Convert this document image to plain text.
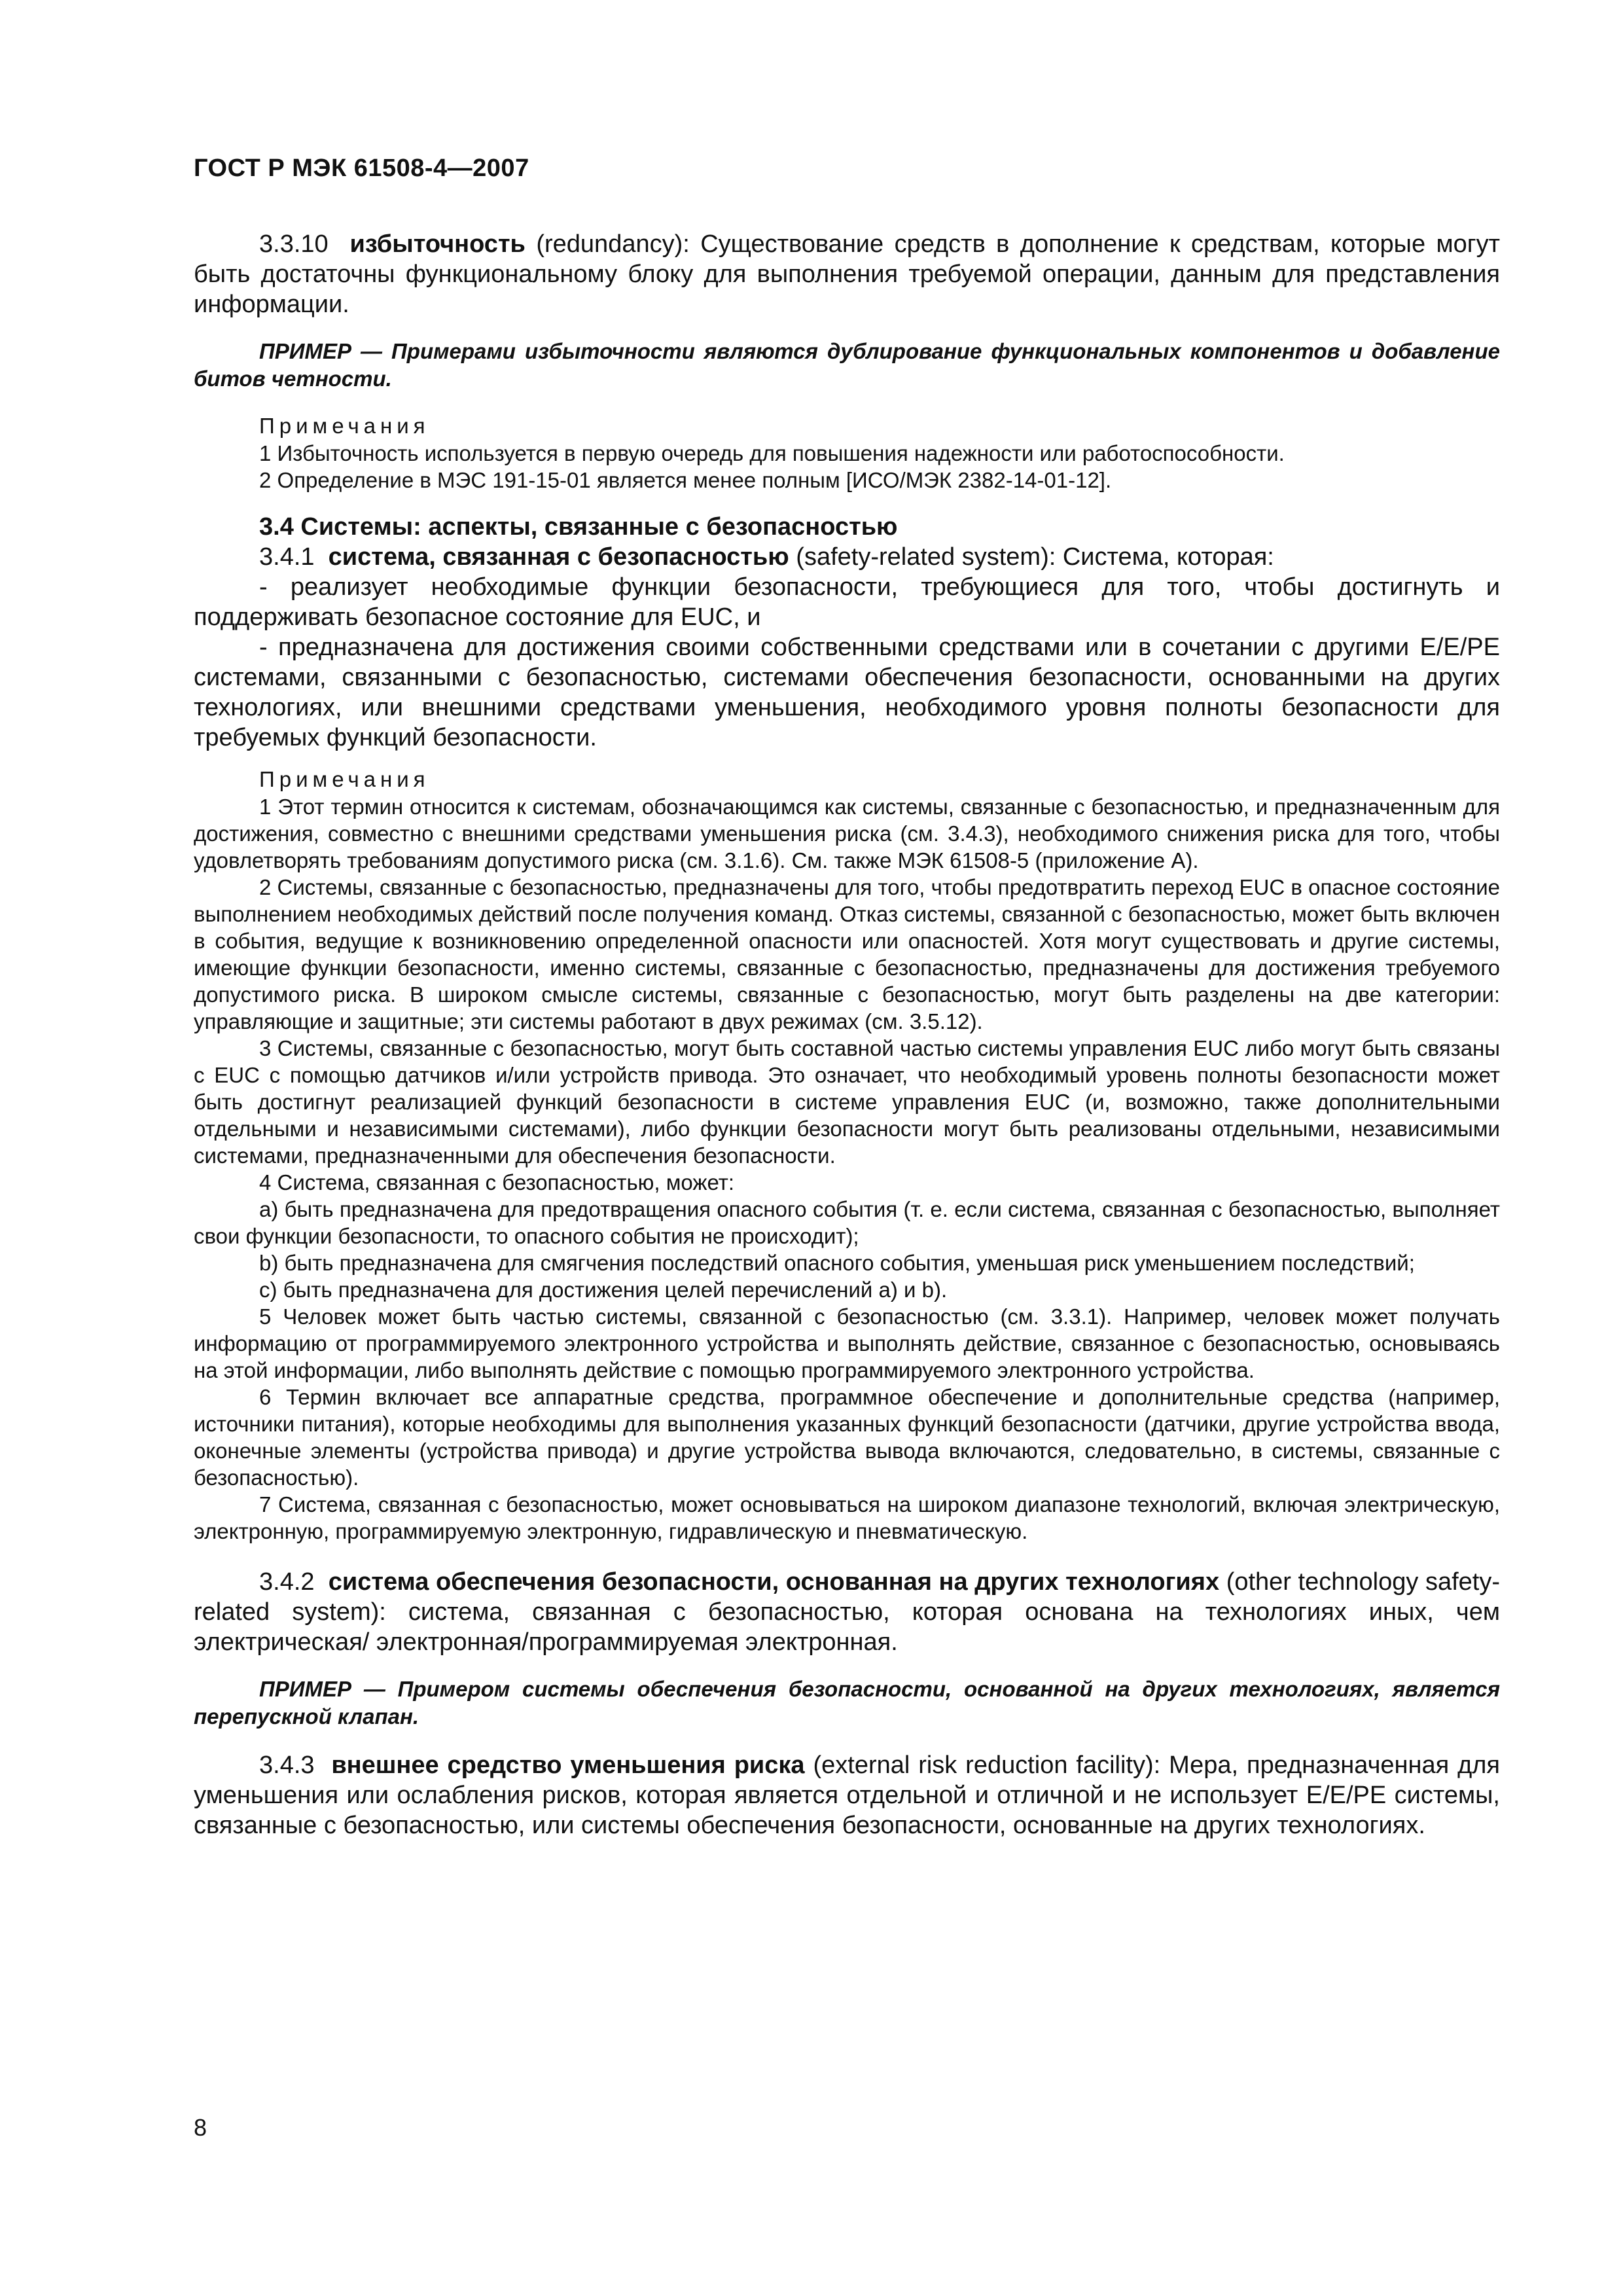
ГОСТ Р МЭК 61508-4—2007

3.3.10 избыточность (redundancy): Существование средств в дополнение к средствам, которые могут быть достаточны функциональному блоку для выполнения требуемой операции, данным для представления информации.

ПРИМЕР — Примерами избыточности являются дублирование функциональных компонентов и добавление битов четности.

Примечания

1 Избыточность используется в первую очередь для повышения надежности или работоспособности.

2 Определение в МЭС 191-15-01 является менее полным [ИСО/МЭК 2382-14-01-12].

3.4 Системы: аспекты, связанные с безопасностью

3.4.1 система, связанная с безопасностью (safety-related system): Система, которая:

- реализует необходимые функции безопасности, требующиеся для того, чтобы достигнуть и поддерживать безопасное состояние для EUC, и

- предназначена для достижения своими собственными средствами или в сочетании с другими E/E/PE системами, связанными с безопасностью, системами обеспечения безопасности, основанными на других технологиях, или внешними средствами уменьшения, необходимого уровня полноты безопасности для требуемых функций безопасности.

Примечания

1 Этот термин относится к системам, обозначающимся как системы, связанные с безопасностью, и предназначенным для достижения, совместно с внешними средствами уменьшения риска (см. 3.4.3), необходимого снижения риска для того, чтобы удовлетворять требованиям допустимого риска (см. 3.1.6). См. также МЭК 61508-5 (приложение А).

2 Системы, связанные с безопасностью, предназначены для того, чтобы предотвратить переход EUC в опасное состояние выполнением необходимых действий после получения команд. Отказ системы, связанной с безопасностью, может быть включен в события, ведущие к возникновению определенной опасности или опасностей. Хотя могут существовать и другие системы, имеющие функции безопасности, именно системы, связанные с безопасностью, предназначены для достижения требуемого допустимого риска. В широком смысле системы, связанные с безопасностью, могут быть разделены на две категории: управляющие и защитные; эти системы работают в двух режимах (см. 3.5.12).

3 Системы, связанные с безопасностью, могут быть составной частью системы управления EUC либо могут быть связаны с EUC с помощью датчиков и/или устройств привода. Это означает, что необходимый уровень полноты безопасности может быть достигнут реализацией функций безопасности в системе управления EUC (и, возможно, также дополнительными отдельными и независимыми системами), либо функции безопасности могут быть реализованы отдельными, независимыми системами, предназначенными для обеспечения безопасности.

4 Система, связанная с безопасностью, может:

а) быть предназначена для предотвращения опасного события (т. е. если система, связанная с безопасностью, выполняет свои функции безопасности, то опасного события не происходит);

b) быть предназначена для смягчения последствий опасного события, уменьшая риск уменьшением последствий;

с) быть предназначена для достижения целей перечислений а) и b).

5 Человек может быть частью системы, связанной с безопасностью (см. 3.3.1). Например, человек может получать информацию от программируемого электронного устройства и выполнять действие, связанное с безопасностью, основываясь на этой информации, либо выполнять действие с помощью программируемого электронного устройства.

6 Термин включает все аппаратные средства, программное обеспечение и дополнительные средства (например, источники питания), которые необходимы для выполнения указанных функций безопасности (датчики, другие устройства ввода, оконечные элементы (устройства привода) и другие устройства вывода включаются, следовательно, в системы, связанные с безопасностью).

7 Система, связанная с безопасностью, может основываться на широком диапазоне технологий, включая электрическую, электронную, программируемую электронную, гидравлическую и пневматическую.

3.4.2 система обеспечения безопасности, основанная на других технологиях (other technology safety-related system): система, связанная с безопасностью, которая основана на технологиях иных, чем электрическая/ электронная/программируемая электронная.

ПРИМЕР — Примером системы обеспечения безопасности, основанной на других технологиях, является перепускной клапан.

3.4.3 внешнее средство уменьшения риска (external risk reduction facility): Мера, предназначенная для уменьшения или ослабления рисков, которая является отдельной и отличной и не использует E/E/PE системы, связанные с безопасностью, или системы обеспечения безопасности, основанные на других технологиях.

8
